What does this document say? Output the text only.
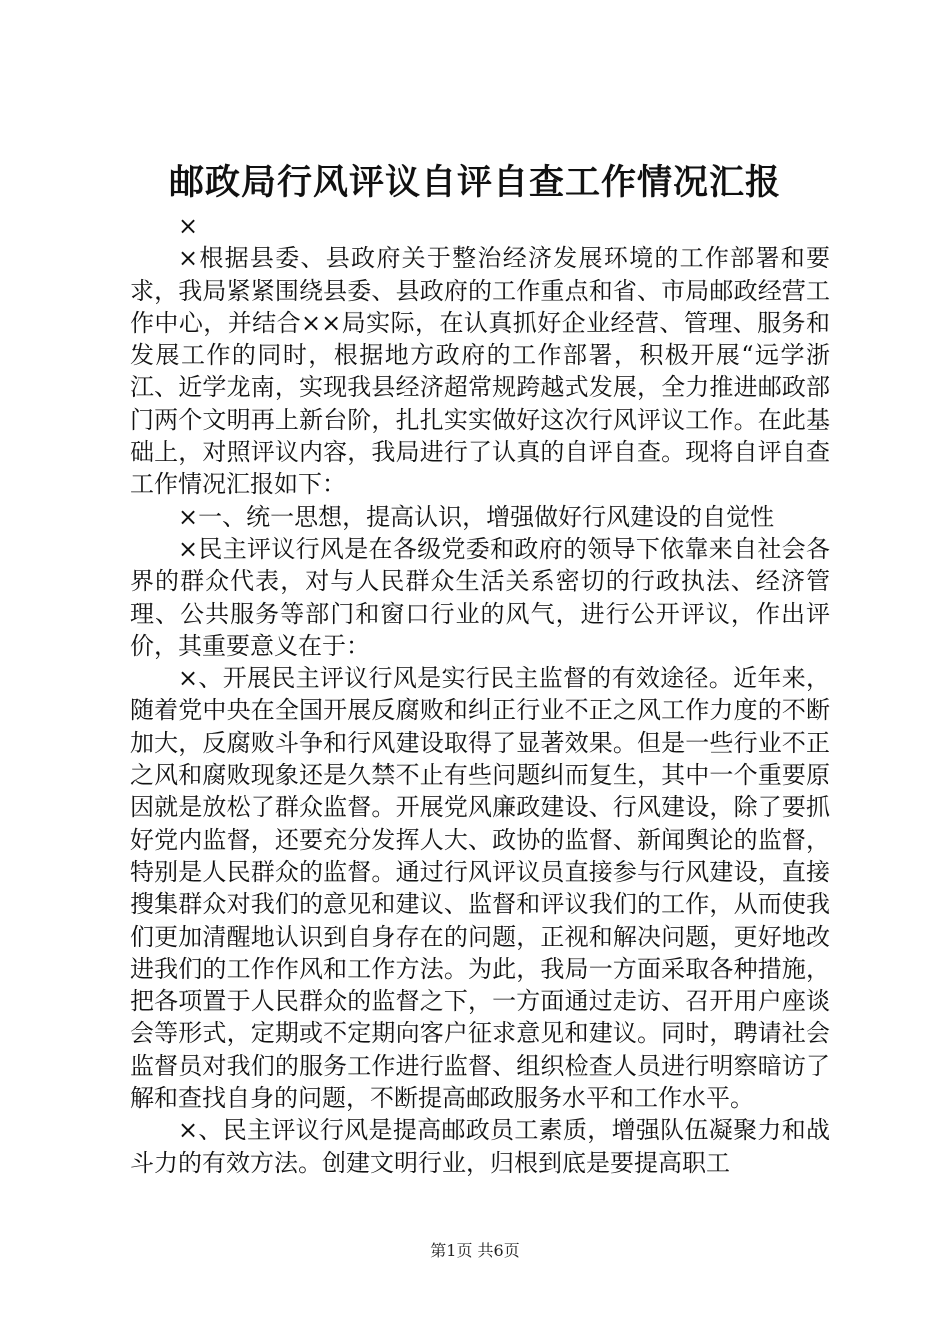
邮政局行风评议自评自查工作情况汇报

×

×根据县委、县政府关于整治经济发展环境的工作部署和要求，我局紧紧围绕县委、县政府的工作重点和省、市局邮政经营工作中心，并结合××局实际，在认真抓好企业经营、管理、服务和发展工作的同时，根据地方政府的工作部署，积极开展“远学浙江、近学龙南，实现我县经济超常规跨越式发展，全力推进邮政部门两个文明再上新台阶，扎扎实实做好这次行风评议工作。在此基础上，对照评议内容，我局进行了认真的自评自查。现将自评自查工作情况汇报如下：

×一、统一思想，提高认识，增强做好行风建设的自觉性

×民主评议行风是在各级党委和政府的领导下依靠来自社会各界的群众代表，对与人民群众生活关系密切的行政执法、经济管理、公共服务等部门和窗口行业的风气，进行公开评议，作出评价，其重要意义在于：

×、开展民主评议行风是实行民主监督的有效途径。近年来，随着党中央在全国开展反腐败和纠正行业不正之风工作力度的不断加大，反腐败斗争和行风建设取得了显著效果。但是一些行业不正之风和腐败现象还是久禁不止有些问题纠而复生，其中一个重要原因就是放松了群众监督。开展党风廉政建设、行风建设，除了要抓好党内监督，还要充分发挥人大、政协的监督、新闻舆论的监督，特别是人民群众的监督。通过行风评议员直接参与行风建设，直接搜集群众对我们的意见和建议、监督和评议我们的工作，从而使我们更加清醒地认识到自身存在的问题，正视和解决问题，更好地改进我们的工作作风和工作方法。为此，我局一方面采取各种措施，把各项置于人民群众的监督之下，一方面通过走访、召开用户座谈会等形式，定期或不定期向客户征求意见和建议。同时，聘请社会监督员对我们的服务工作进行监督、组织检查人员进行明察暗访了解和查找自身的问题，不断提高邮政服务水平和工作水平。

×、民主评议行风是提高邮政员工素质，增强队伍凝聚力和战斗力的有效方法。创建文明行业，归根到底是要提高职工

第1页 共6页
